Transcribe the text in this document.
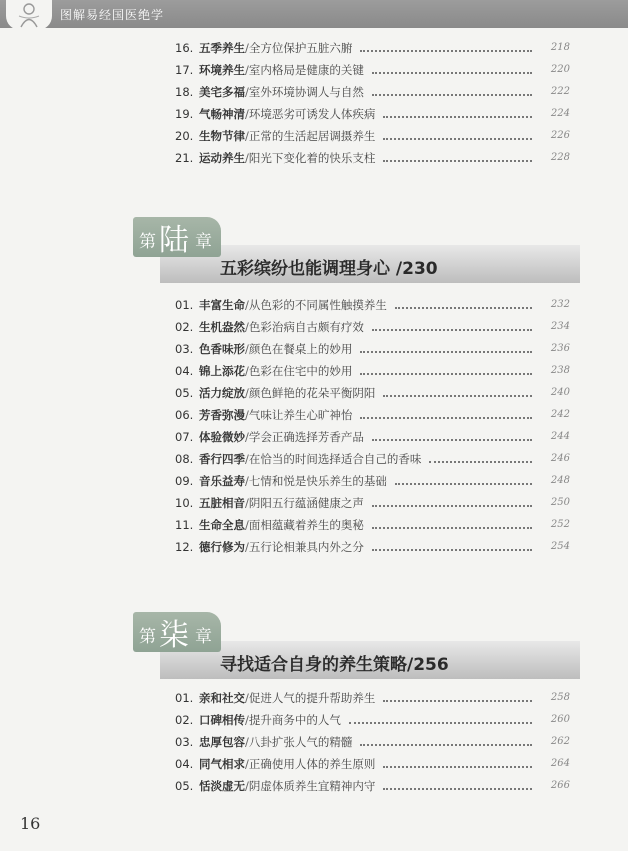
图解易经国医绝学
16. 五季养生 / 全方位保护五脏六腑	218
17. 环境养生 / 室内格局是健康的关键	220
18. 美宅多福 / 室外环境协调人与自然	222
19. 气畅神清 / 环境恶劣可诱发人体疾病	224
20. 生物节律 / 正常的生活起居调摄养生	226
21. 运动养生 / 阳光下变化着的快乐支柱	228
第 陆 章
五彩缤纷也能调理身心 /230
01. 丰富生命 / 从色彩的不同属性触摸养生	232
02. 生机盎然 / 色彩治病自古颇有疗效	234
03. 色香味形 / 颜色在餐桌上的妙用	236
04. 锦上添花 / 色彩在住宅中的妙用	238
05. 活力绽放 / 颜色鲜艳的花朵平衡阴阳	240
06. 芳香弥漫 / 气味让养生心旷神怡	242
07. 体验微妙 / 学会正确选择芳香产品	244
08. 香行四季 / 在恰当的时间选择适合自己的香味	246
09. 音乐益寿 / 七情和悦是快乐养生的基础	248
10. 五脏相音 / 阴阳五行蕴涵健康之声	250
11. 生命全息 / 面相蕴藏着养生的奥秘	252
12. 德行修为 / 五行论相兼具内外之分	254
第 柒 章
寻找适合自身的养生策略/256
01. 亲和社交 / 促进人气的提升帮助养生	258
02. 口碑相传 / 提升商务中的人气	260
03. 忠厚包容 / 八卦扩张人气的精髓	262
04. 同气相求 / 正确使用人体的养生原则	264
05. 恬淡虚无 / 阴虚体质养生宜精神内守	266
16
